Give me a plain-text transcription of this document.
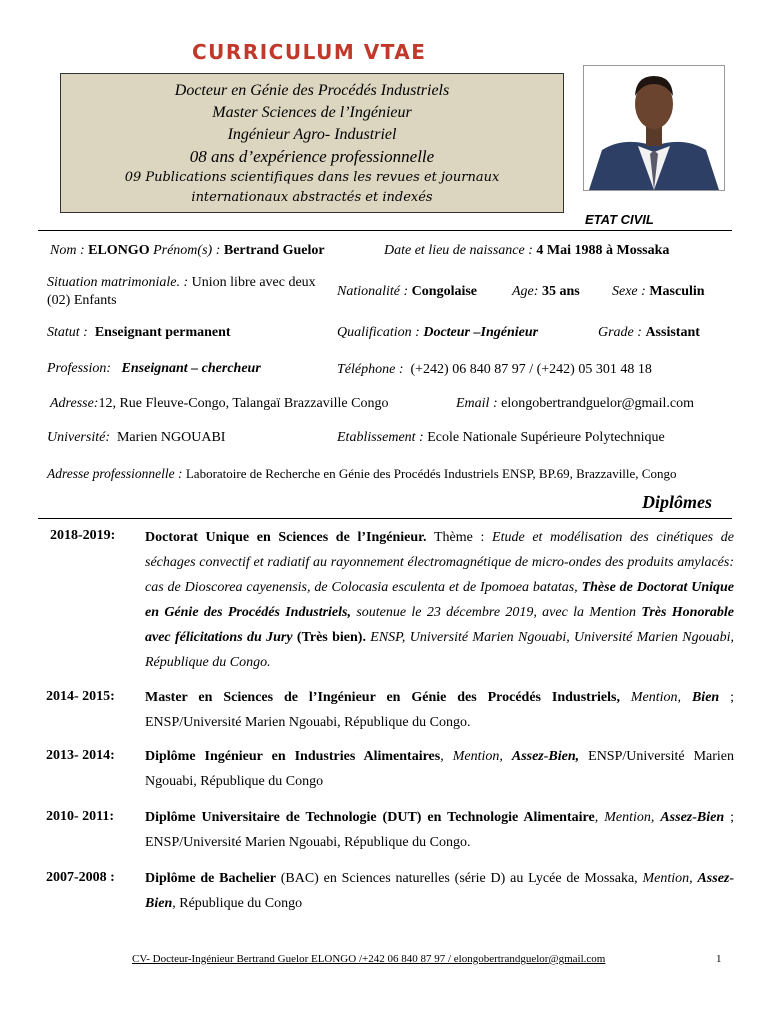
CURRICULUM VTAE
Docteur en Génie des Procédés Industriels
Master Sciences de l’Ingénieur
Ingénieur Agro- Industriel
08 ans d’expérience professionnelle
09 Publications scientifiques dans les revues et journaux
internationaux abstractés et indexés
ETAT CIVIL
Nom : ELONGO Prénom(s) : Bertrand Guelor	Date et lieu de naissance : 4 Mai 1988 à Mossaka
Situation matrimoniale. : Union libre avec deux (02) Enfants
Nationalité : Congolaise Age: 35 ans Sexe : Masculin
Statut : Enseignant permanent	Qualification : Docteur –Ingénieur	Grade : Assistant
Profession: Enseignant – chercheur	Téléphone : (+242) 06 840 87 97 / (+242) 05 301 48 18
Adresse:12, Rue Fleuve-Congo, Talangaï Brazzaville Congo	Email : elongobertrandguelor@gmail.com
Université: Marien NGOUABI	Etablissement : Ecole Nationale Supérieure Polytechnique
Adresse professionnelle : Laboratoire de Recherche en Génie des Procédés Industriels ENSP, BP.69, Brazzaville, Congo
Diplômes
2018-2019: Doctorat Unique en Sciences de l’Ingénieur. Thème : Etude et modélisation des cinétiques de séchages convectif et radiatif au rayonnement électromagnétique de micro-ondes des produits amylacés: cas de Dioscorea cayenensis, de Colocasia esculenta et de Ipomoea batatas, Thèse de Doctorat Unique en Génie des Procédés Industriels, soutenue le 23 décembre 2019, avec la Mention Très Honorable avec félicitations du Jury (Très bien). ENSP, Université Marien Ngouabi, Université Marien Ngouabi, République du Congo.
2014- 2015: Master en Sciences de l’Ingénieur en Génie des Procédés Industriels, Mention, Bien ; ENSP/Université Marien Ngouabi, République du Congo.
2013- 2014: Diplôme Ingénieur en Industries Alimentaires, Mention, Assez-Bien, ENSP/Université Marien Ngouabi, République du Congo
2010- 2011: Diplôme Universitaire de Technologie (DUT) en Technologie Alimentaire, Mention, Assez-Bien ; ENSP/Université Marien Ngouabi, République du Congo.
2007-2008 : Diplôme de Bachelier (BAC) en Sciences naturelles (série D) au Lycée de Mossaka, Mention, Assez-Bien, République du Congo
CV- Docteur-Ingénieur Bertrand Guelor ELONGO /+242 06 840 87 97 / elongobertrandguelor@gmail.com	1
